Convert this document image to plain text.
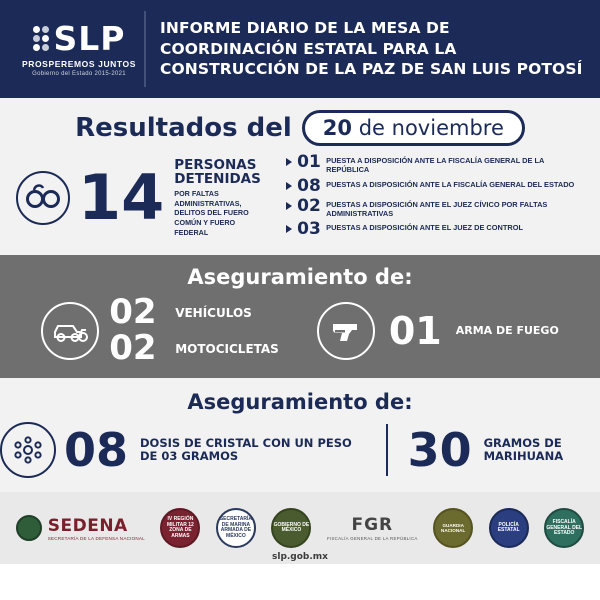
SLP
PROSPEREMOS JUNTOS
Gobierno del Estado 2015-2021
INFORME DIARIO DE LA MESA DE COORDINACIÓN ESTATAL PARA LA CONSTRUCCIÓN DE LA PAZ DE SAN LUIS POTOSÍ
Resultados del	20 de noviembre
14 PERSONAS DETENIDAS
POR FALTAS ADMINISTRATIVAS, DELITOS DEL FUERO COMÚN Y FUERO FEDERAL
01 PUESTA A DISPOSICIÓN ANTE LA FISCALÍA GENERAL DE LA REPÚBLICA
08 PUESTAS A DISPOSICIÓN ANTE LA FISCALÍA GENERAL DEL ESTADO
02 PUESTAS A DISPOSICIÓN ANTE EL JUEZ CÍVICO POR FALTAS ADMINISTRATIVAS
03 PUESTAS A DISPOSICIÓN ANTE EL JUEZ DE CONTROL
Aseguramiento de:
02	VEHÍCULOS
02	MOTOCICLETAS	01 ARMA DE FUEGO
Aseguramiento de:
08 DOSIS DE CRISTAL CON UN PESO DE 03 GRAMOS	30 GRAMOS DE MARIHUANA
SEDENA
SECRETARÍA DE LA DEFENSA NACIONAL
IV REGIÓN MILITAR 12 ZONA DE ARMAS
SECRETARÍA DE MARINA ARMADA DE MÉXICO
GOBIERNO DE MÉXICO	FGR
FISCALÍA GENERAL DE LA REPÚBLICA
GUARDIA NACIONAL
POLICÍA ESTATAL
FISCALÍA GENERAL DEL ESTADO
slp.gob.mx
